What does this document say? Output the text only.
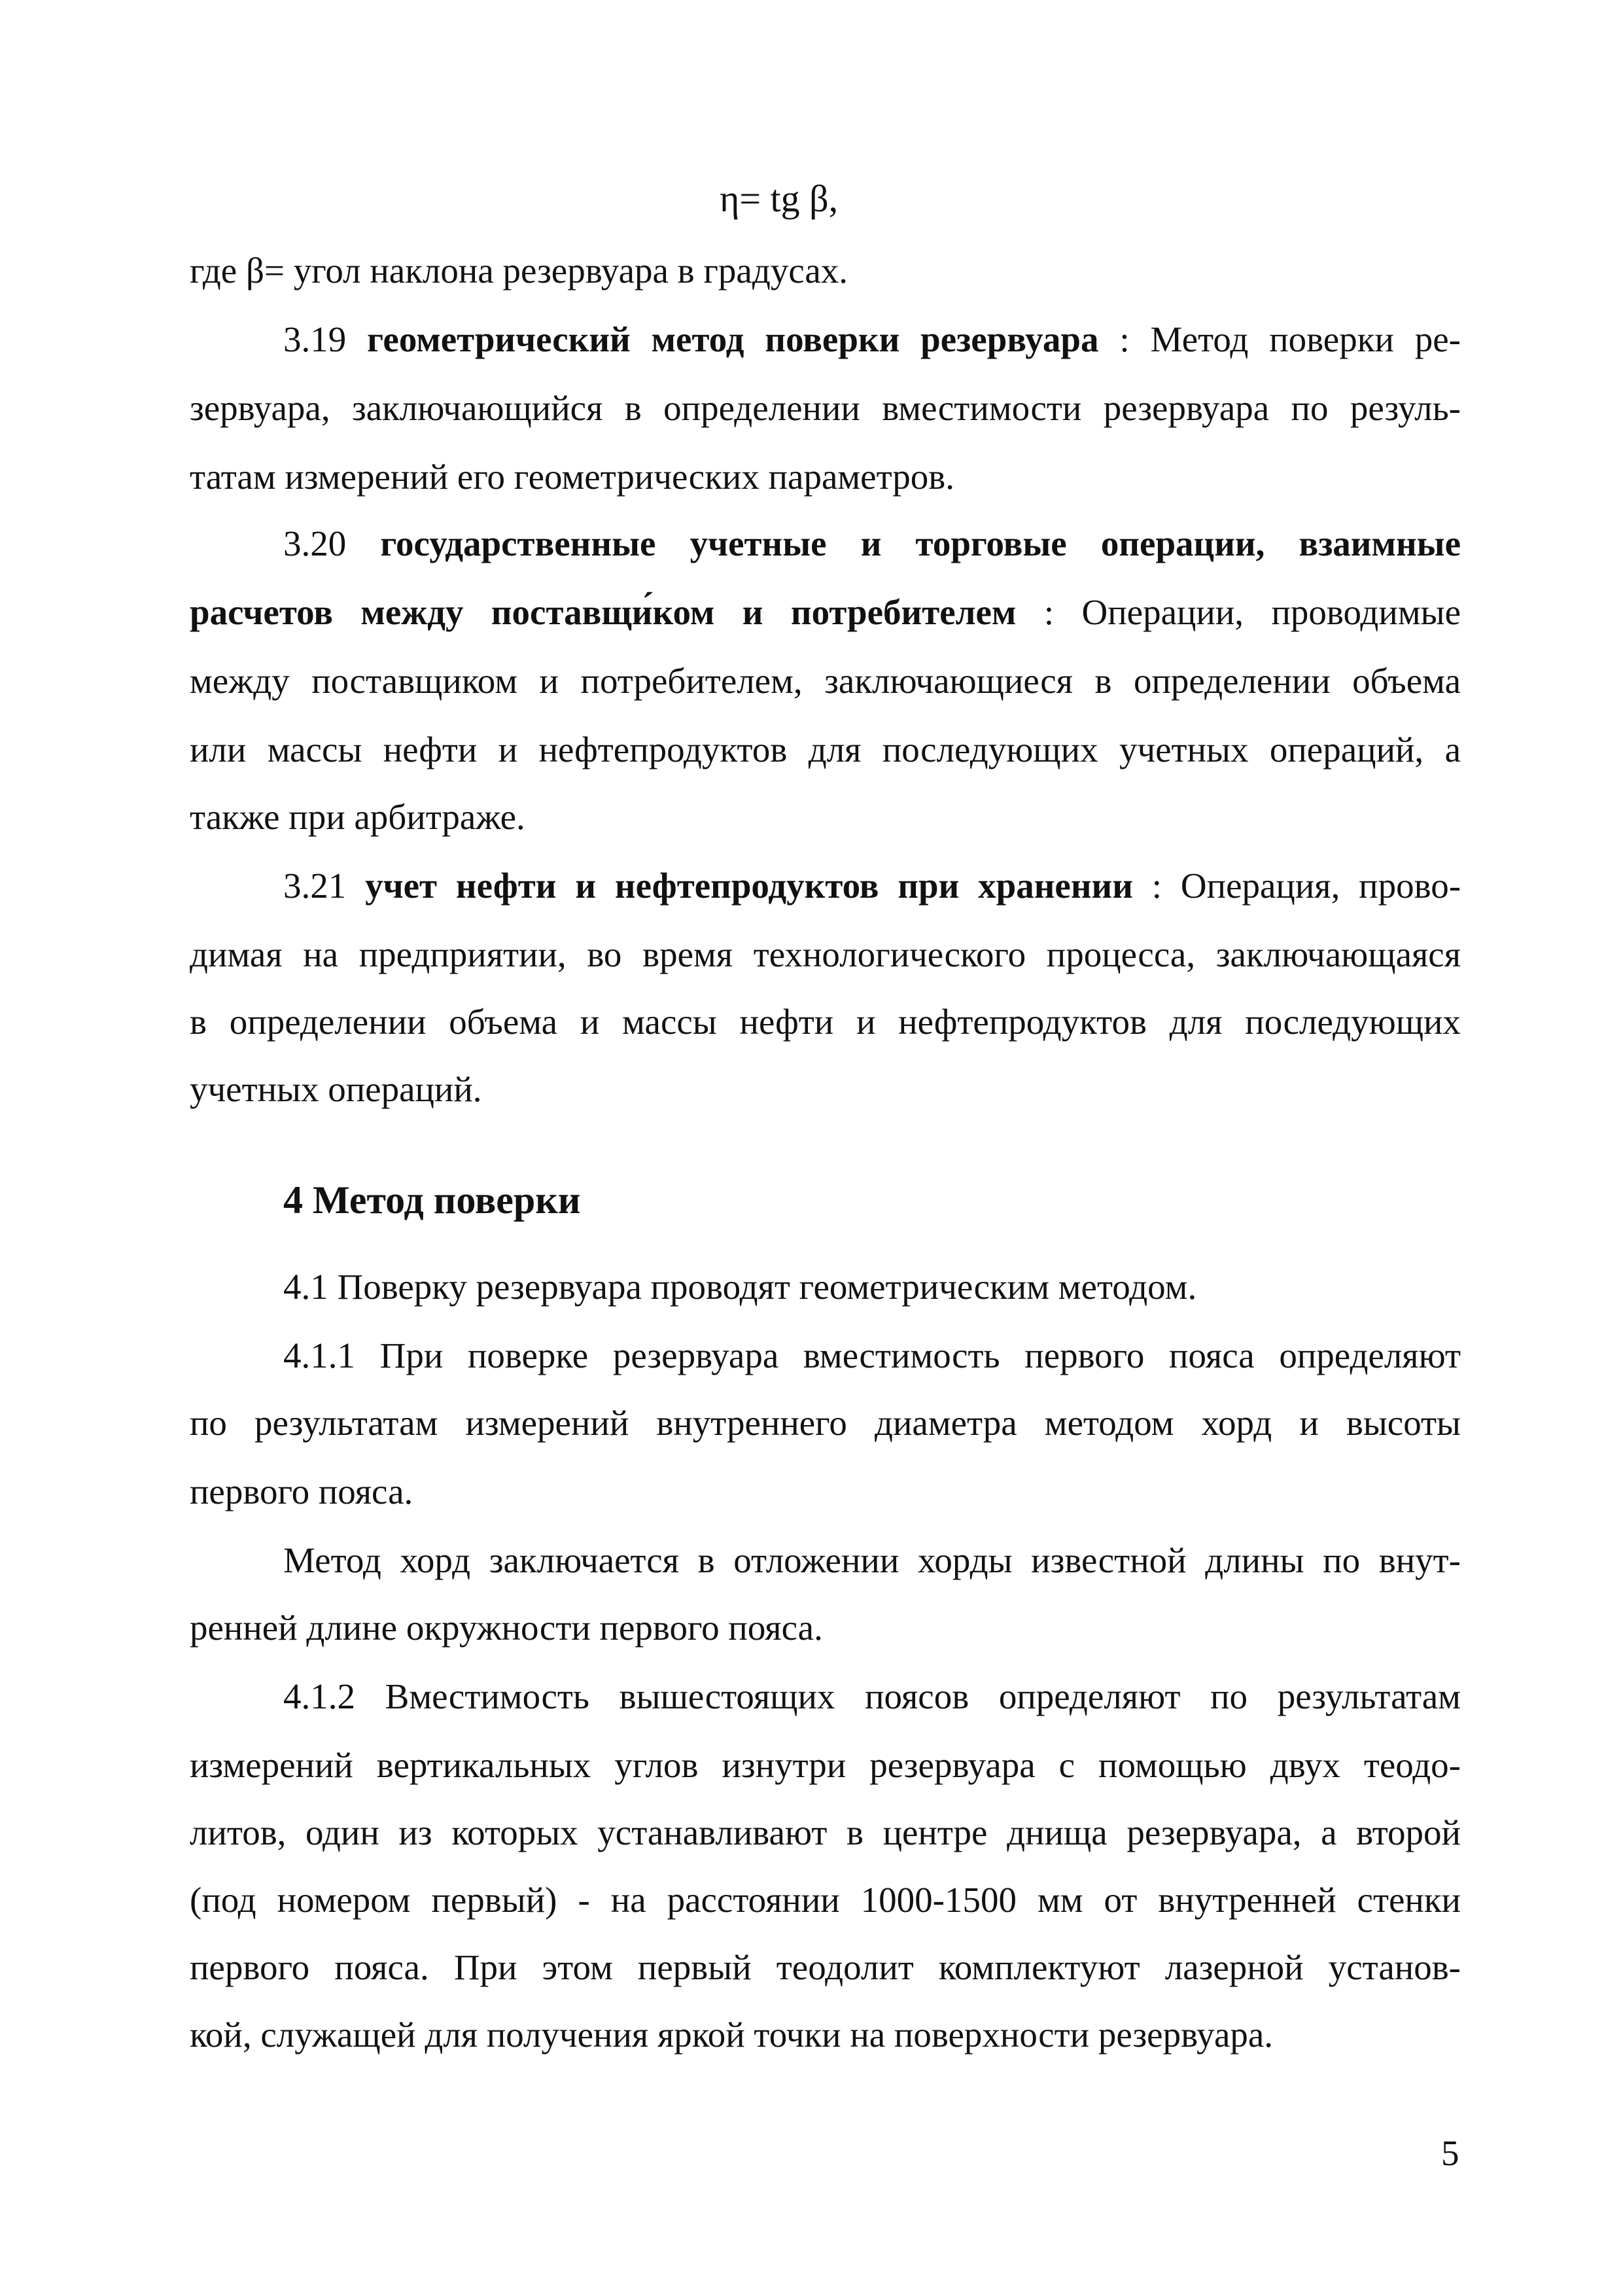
η= tg β,
где β= угол наклона резервуара в градусах.
3.19 геометрический метод поверки резервуара : Метод поверки ре-
зервуара, заключающийся в определении вместимости резервуара по резуль-
татам измерений его геометрических параметров.
3.20 государственные учетные и торговые операции, взаимные
расчетов между поставщи́ком и потребителем : Операции, проводимые
между поставщиком и потребителем, заключающиеся в определении объема
или массы нефти и нефтепродуктов для последующих учетных операций, а
также при арбитраже.
3.21 учет нефти и нефтепродуктов при хранении : Операция, прово-
димая на предприятии, во время технологического процесса, заключающаяся
в определении объема и массы нефти и нефтепродуктов для последующих
учетных операций.
4 Метод поверки
4.1 Поверку резервуара проводят геометрическим методом.
4.1.1 При поверке резервуара вместимость первого пояса определяют
по результатам измерений внутреннего диаметра методом хорд и высоты
первого пояса.
Метод хорд заключается в отложении хорды известной длины по внут-
ренней длине окружности первого пояса.
4.1.2 Вместимость вышестоящих поясов определяют по результатам
измерений вертикальных углов изнутри резервуара с помощью двух теодо-
литов, один из которых устанавливают в центре днища резервуара, а второй
(под номером первый) - на расстоянии 1000-1500 мм от внутренней стенки
первого пояса. При этом первый теодолит комплектуют лазерной установ-
кой, служащей для получения яркой точки на поверхности резервуара.
5
